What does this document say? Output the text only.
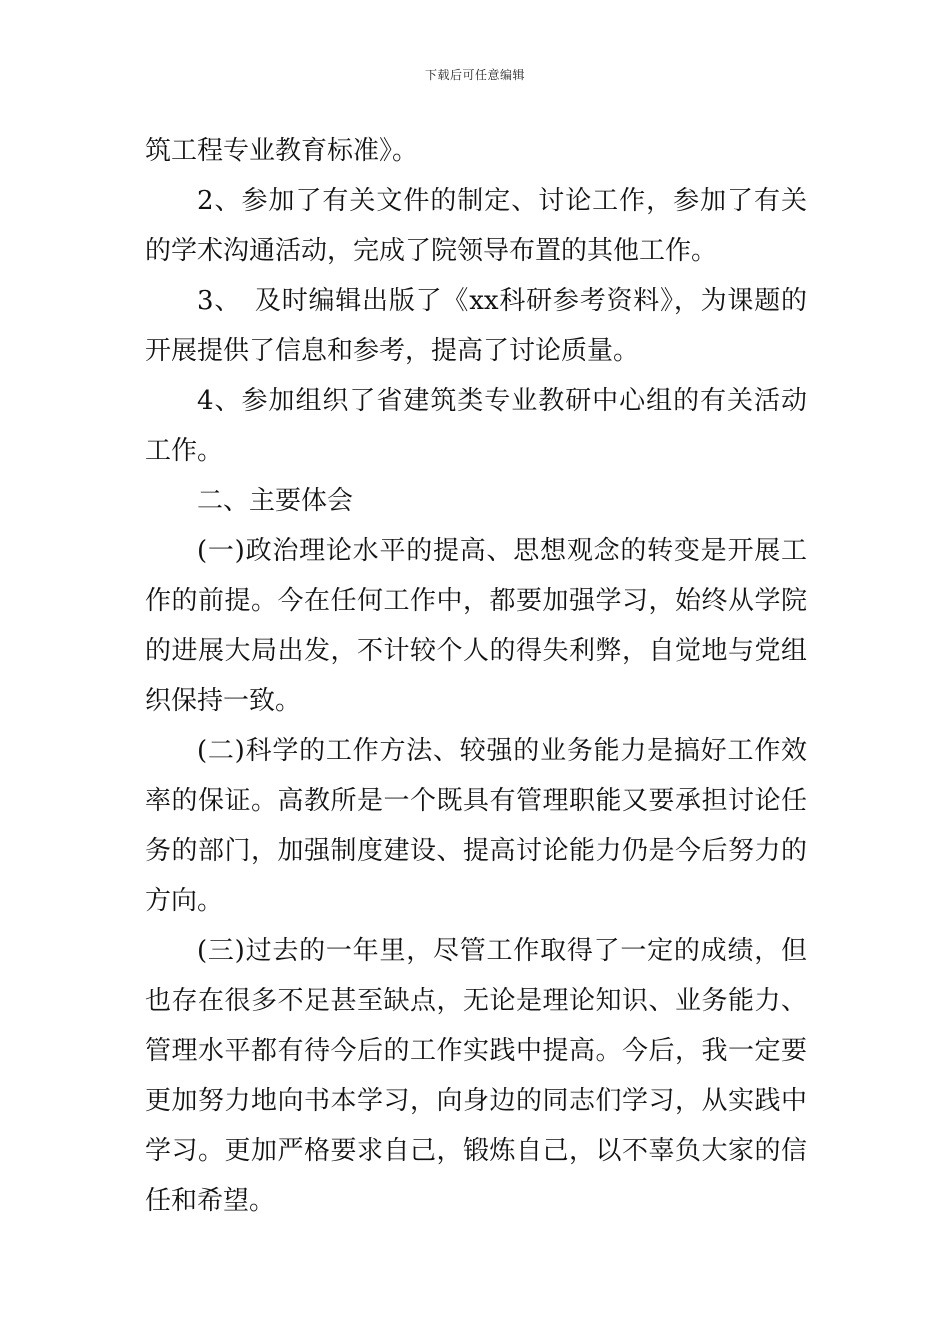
下载后可任意编辑

筑工程专业教育标准》。

2、参加了有关文件的制定、讨论工作，参加了有关的学术沟通活动，完成了院领导布置的其他工作。

3、　及时编辑出版了《xx科研参考资料》，为课题的开展提供了信息和参考，提高了讨论质量。

4、参加组织了省建筑类专业教研中心组的有关活动工作。

二、主要体会

(一)政治理论水平的提高、思想观念的转变是开展工作的前提。今在任何工作中，都要加强学习，始终从学院的进展大局出发，不计较个人的得失利弊，自觉地与党组织保持一致。

(二)科学的工作方法、较强的业务能力是搞好工作效率的保证。高教所是一个既具有管理职能又要承担讨论任务的部门，加强制度建设、提高讨论能力仍是今后努力的方向。

(三)过去的一年里，尽管工作取得了一定的成绩，但也存在很多不足甚至缺点，无论是理论知识、业务能力、管理水平都有待今后的工作实践中提高。今后，我一定要更加努力地向书本学习，向身边的同志们学习，从实践中学习。更加严格要求自己，锻炼自己，以不辜负大家的信任和希望。
